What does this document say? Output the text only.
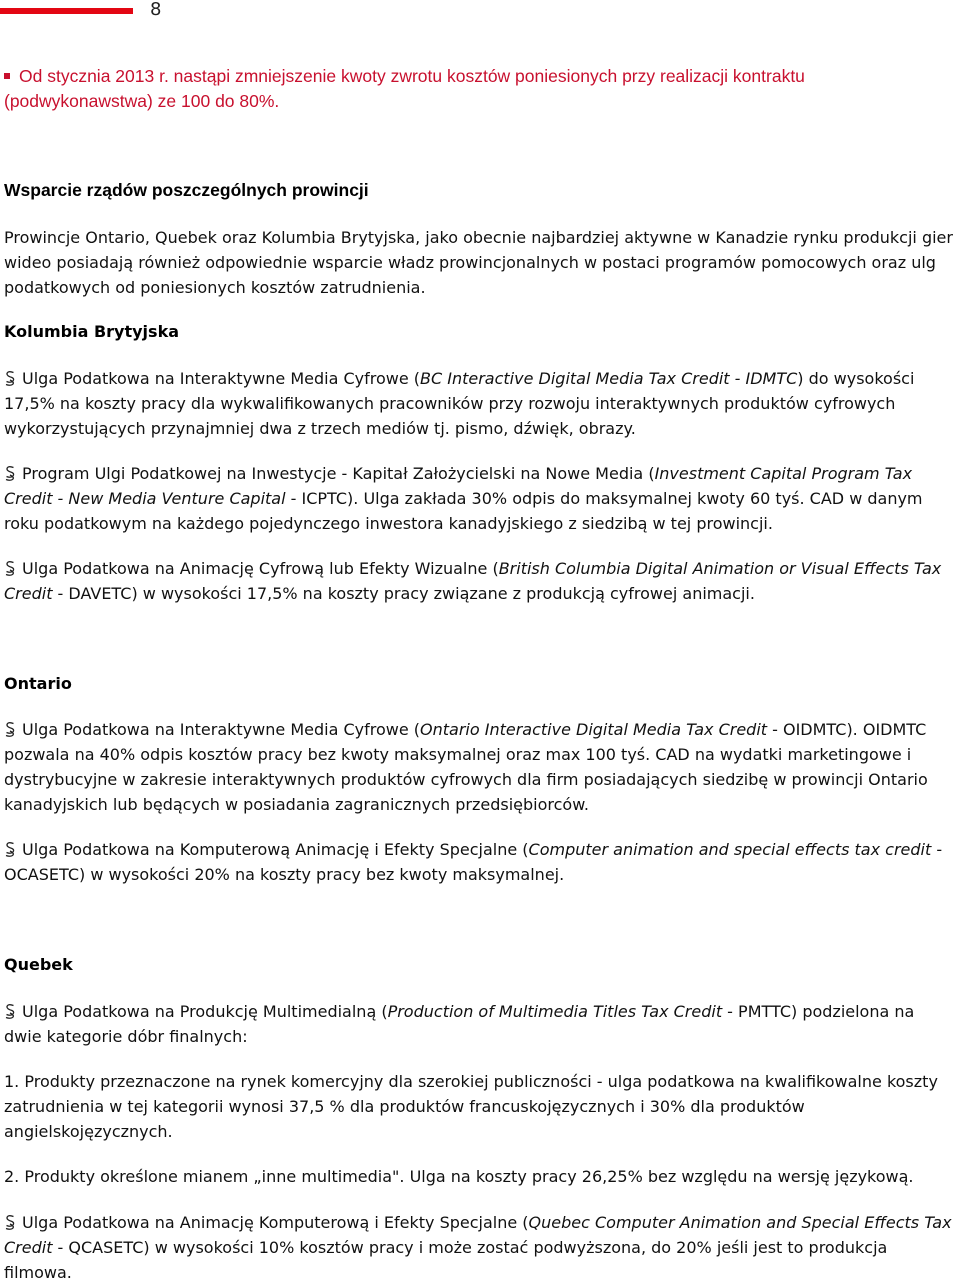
8
Od stycznia 2013 r. nastąpi zmniejszenie kwoty zwrotu kosztów poniesionych przy realizacji kontraktu (podwykonawstwa) ze 100 do 80%.
Wsparcie rządów poszczególnych prowincji

Prowincje Ontario, Quebek oraz Kolumbia Brytyjska, jako obecnie najbardziej aktywne w Kanadzie rynku produkcji gier wideo posiadają również odpowiednie wsparcie władz prowincjonalnych w postaci programów pomocowych oraz ulg podatkowych od poniesionych kosztów zatrudnienia.

Kolumbia Brytyjska

Ulga Podatkowa na Interaktywne Media Cyfrowe (BC Interactive Digital Media Tax Credit - IDMTC) do wysokości 17,5% na koszty pracy dla wykwalifikowanych pracowników przy rozwoju interaktywnych produktów cyfrowych wykorzystujących przynajmniej dwa z trzech mediów tj. pismo, dźwięk, obrazy.

Program Ulgi Podatkowej na Inwestycje - Kapitał Założycielski na Nowe Media (Investment Capital Program Tax Credit - New Media Venture Capital - ICPTC). Ulga zakłada 30% odpis do maksymalnej kwoty 60 tyś. CAD w danym roku podatkowym na każdego pojedynczego inwestora kanadyjskiego z siedzibą w tej prowincji.

Ulga Podatkowa na Animację Cyfrową lub Efekty Wizualne (British Columbia Digital Animation or Visual Effects Tax Credit - DAVETC) w wysokości 17,5% na koszty pracy związane z produkcją cyfrowej animacji.

Ontario

Ulga Podatkowa na Interaktywne Media Cyfrowe (Ontario Interactive Digital Media Tax Credit - OIDMTC). OIDMTC pozwala na 40% odpis kosztów pracy bez kwoty maksymalnej oraz max 100 tyś. CAD na wydatki marketingowe i dystrybucyjne w zakresie interaktywnych produktów cyfrowych dla firm posiadających siedzibę w prowincji Ontario kanadyjskich lub będących w posiadania zagranicznych przedsiębiorców.

Ulga Podatkowa na Komputerową Animację i Efekty Specjalne (Computer animation and special effects tax credit - OCASETC) w wysokości 20% na koszty pracy bez kwoty maksymalnej.

Quebek

Ulga Podatkowa na Produkcję Multimedialną (Production of Multimedia Titles Tax Credit - PMTTC) podzielona na dwie kategorie dóbr finalnych:

1. Produkty przeznaczone na rynek komercyjny dla szerokiej publiczności - ulga podatkowa na kwalifikowalne koszty zatrudnienia w tej kategorii wynosi 37,5 % dla produktów francuskojęzycznych i 30% dla produktów angielskojęzycznych.

2. Produkty określone mianem „inne multimedia". Ulga na koszty pracy 26,25% bez względu na wersję językową.

Ulga Podatkowa na Animację Komputerową i Efekty Specjalne (Quebec Computer Animation and Special Effects Tax Credit - QCASETC) w wysokości 10% kosztów pracy i może zostać podwyższona, do 20% jeśli jest to produkcja filmowa.
